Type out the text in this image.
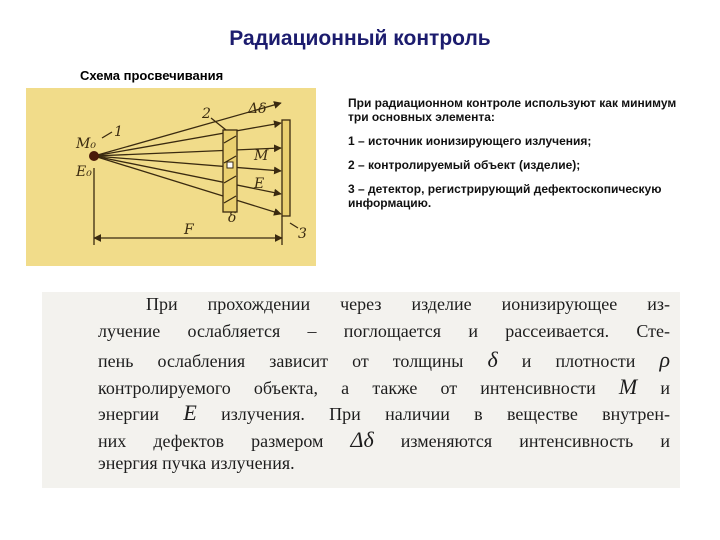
Радиационный контроль
Схема просвечивания
M₀
E₀
1
2
3
Δδ
M
E
δ
F

При радиационном контроле используют как минимум три основных элемента:

1 – источник ионизирующего излучения;

2 – контролируемый объект (изделие);

3 – детектор, регистрирующий дефектоскопическую информацию.

При прохождении через изделие ионизирующее из-
лучение ослабляется – поглощается и рассеивается. Сте-
пень ослабления зависит от толщины δ и плотности ρ
контролируемого объекта, а также от интенсивности M и
энергии E излучения. При наличии в веществе внутрен-
них дефектов размером Δδ изменяются интенсивность и
энергия пучка излучения.
